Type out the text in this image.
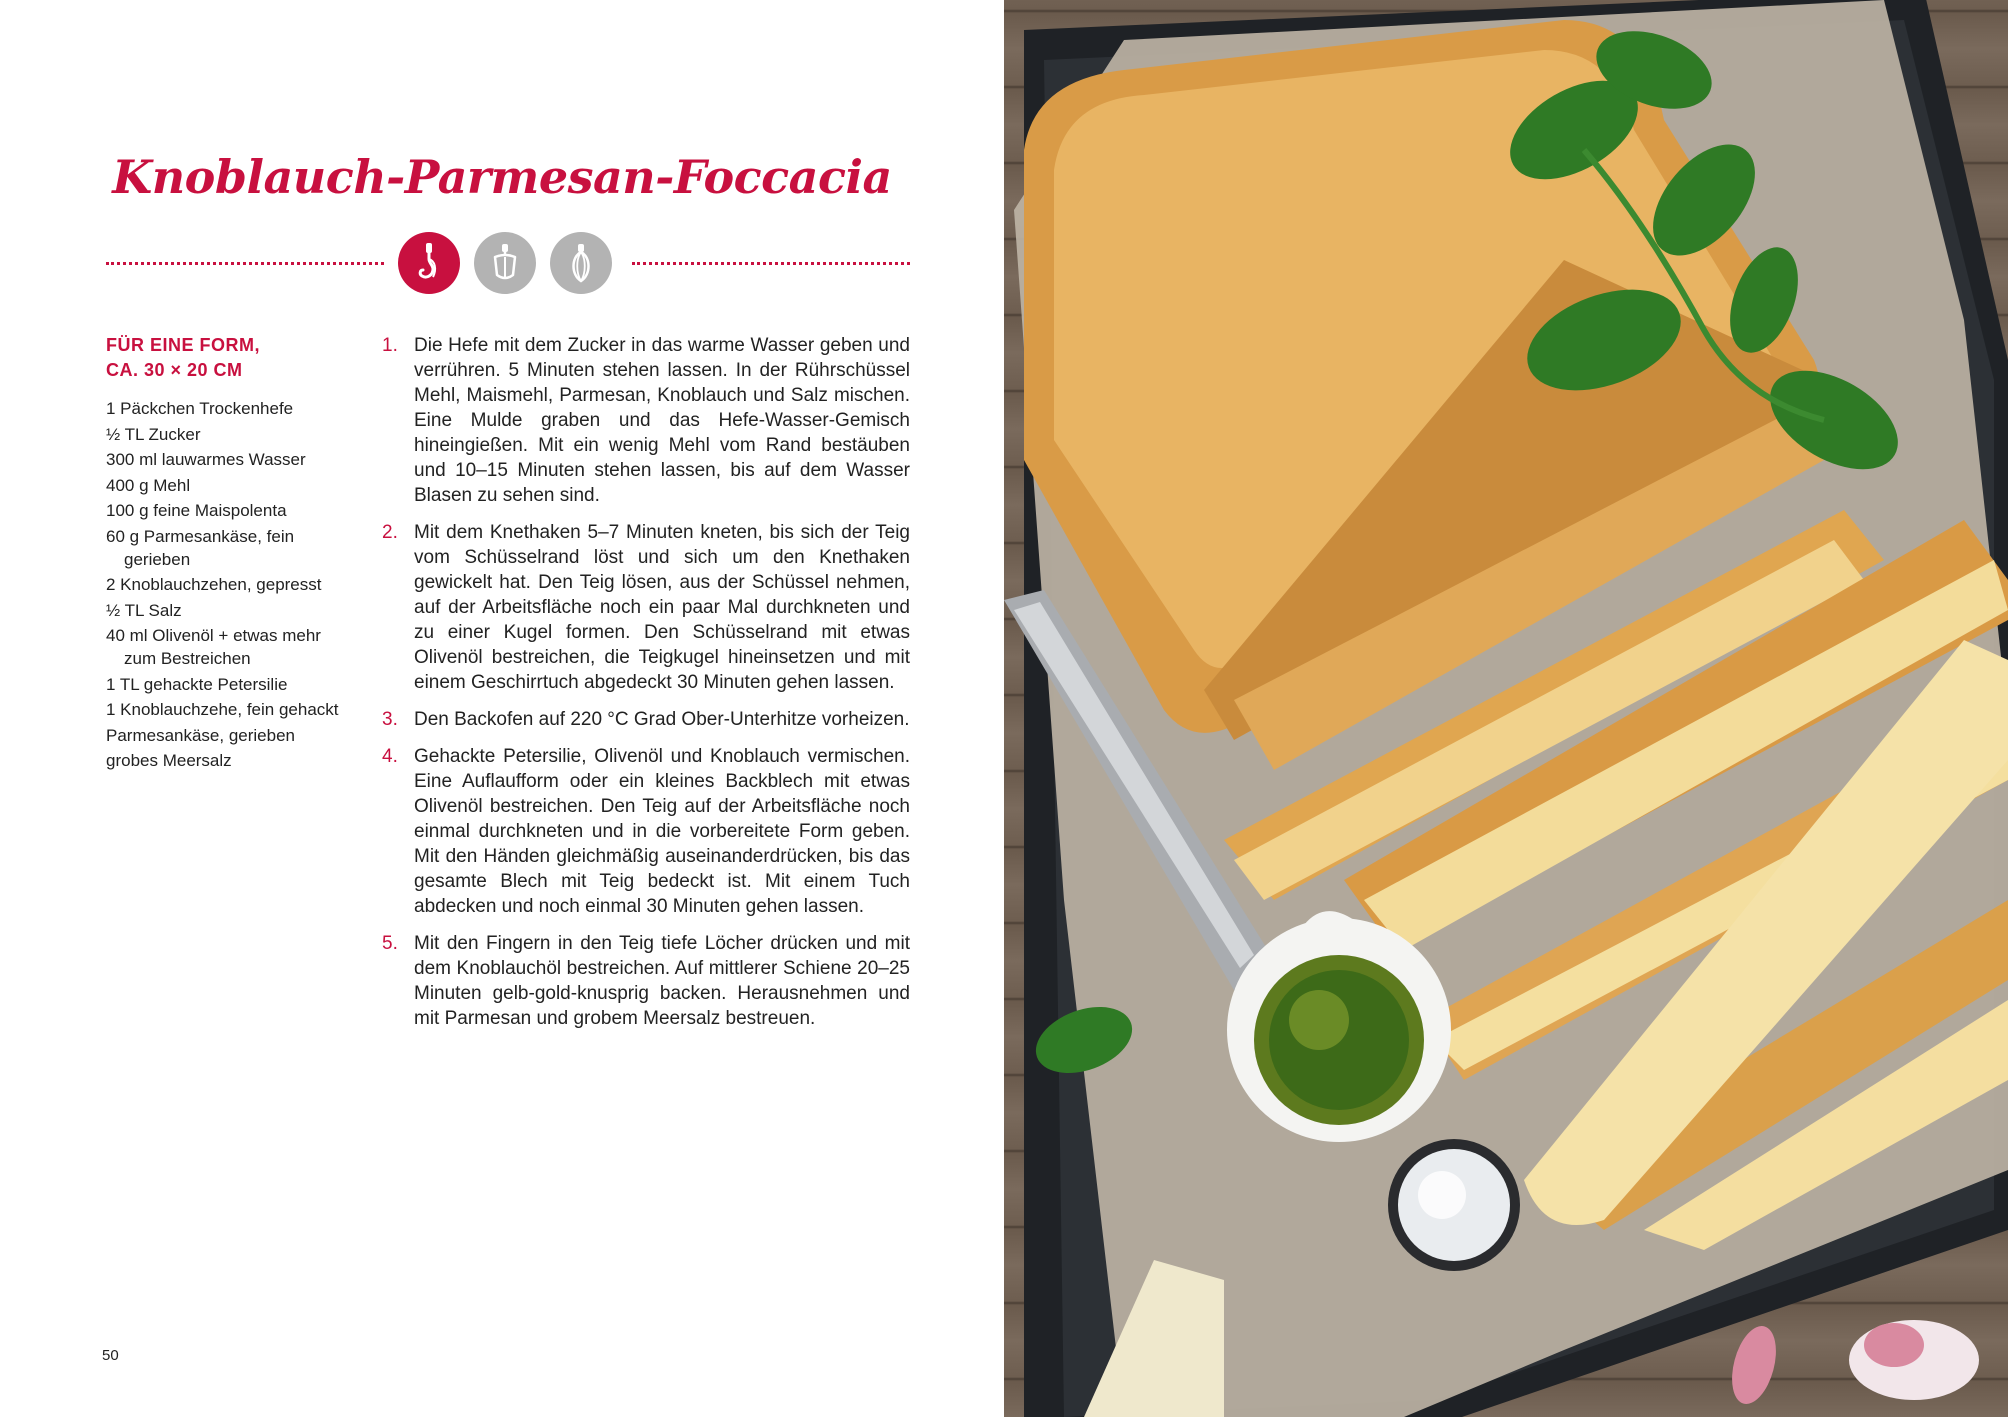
Knoblauch-Parmesan-Foccacia
FÜR EINE FORM,
CA. 30 × 20 CM
1 Päckchen Trockenhefe
½ TL Zucker
300 ml lauwarmes Wasser
400 g Mehl
100 g feine Maispolenta
60 g Parmesankäse, fein gerieben
2 Knoblauchzehen, gepresst
½ TL Salz
40 ml Olivenöl + etwas mehr zum Bestreichen
1 TL gehackte Petersilie
1 Knoblauchzehe, fein gehackt
Parmesankäse, gerieben
grobes Meersalz
1. Die Hefe mit dem Zucker in das warme Wasser geben und verrühren. 5 Minuten stehen lassen. In der Rührschüssel Mehl, Maismehl, Parmesan, Knoblauch und Salz mischen. Eine Mulde graben und das Hefe-Wasser-Gemisch hineingießen. Mit ein wenig Mehl vom Rand bestäuben und 10–15 Minuten stehen lassen, bis auf dem Wasser Blasen zu sehen sind.
2. Mit dem Knethaken 5–7 Minuten kneten, bis sich der Teig vom Schüsselrand löst und sich um den Knethaken gewickelt hat. Den Teig lösen, aus der Schüssel nehmen, auf der Arbeitsfläche noch ein paar Mal durchkneten und zu einer Kugel formen. Den Schüsselrand mit etwas Olivenöl bestreichen, die Teigkugel hineinsetzen und mit einem Geschirrtuch abgedeckt 30 Minuten gehen lassen.
3. Den Backofen auf 220 °C Grad Ober-Unterhitze vorheizen.
4. Gehackte Petersilie, Olivenöl und Knoblauch vermischen. Eine Auflaufform oder ein kleines Backblech mit etwas Olivenöl bestreichen. Den Teig auf der Arbeitsfläche noch einmal durchkneten und in die vorbereitete Form geben. Mit den Händen gleichmäßig auseinanderdrücken, bis das gesamte Blech mit Teig bedeckt ist. Mit einem Tuch abdecken und noch einmal 30 Minuten gehen lassen.
5. Mit den Fingern in den Teig tiefe Löcher drücken und mit dem Knoblauchöl bestreichen. Auf mittlerer Schiene 20–25 Minuten gelb-gold-knusprig backen. Herausnehmen und mit Parmesan und grobem Meersalz bestreuen.
50
